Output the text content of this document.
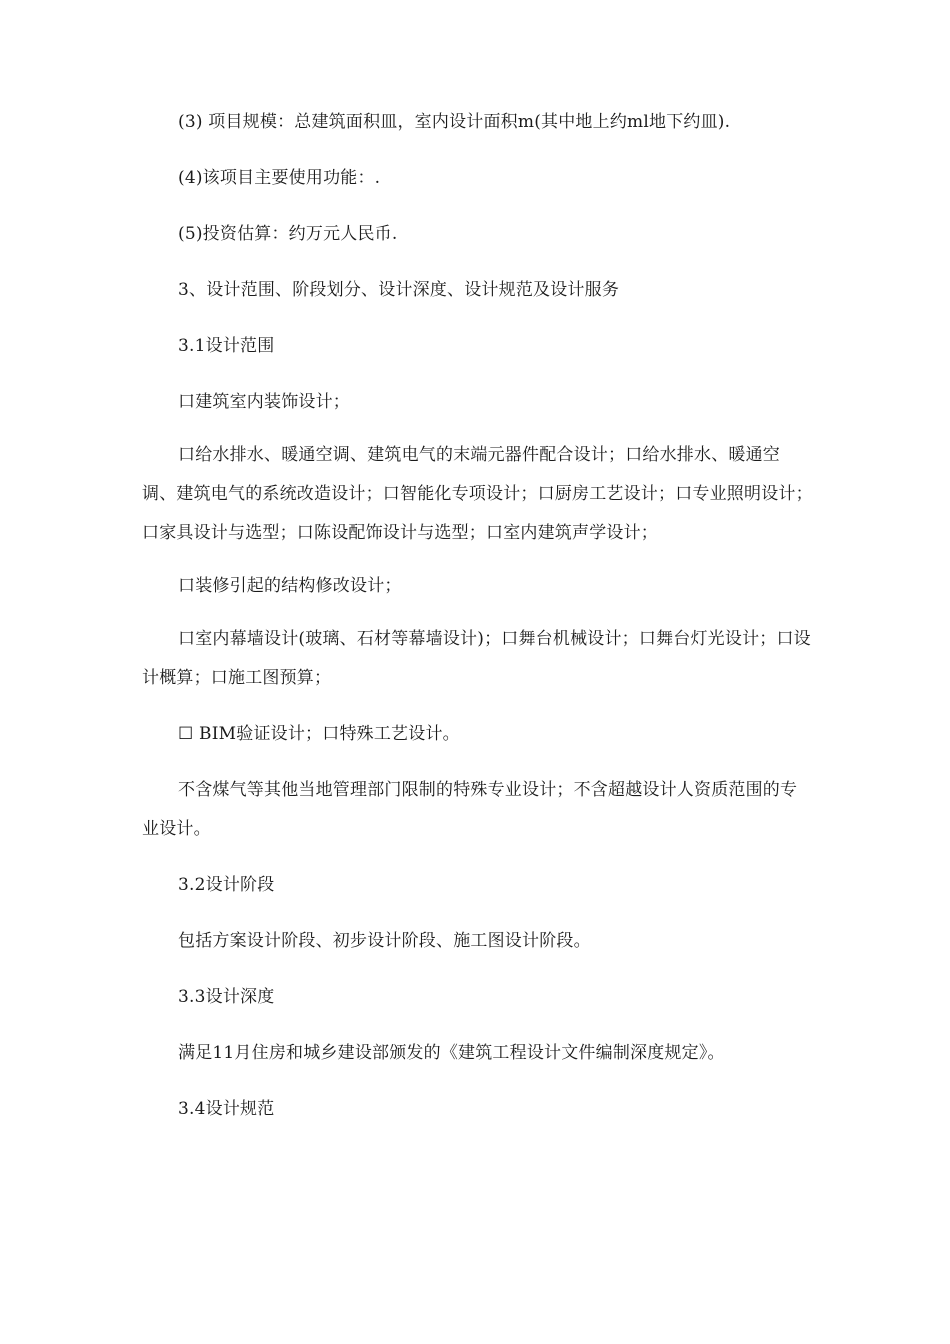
(3) 项目规模：总建筑面积皿，室内设计面积m(其中地上约ml地下约皿).

(4)该项目主要使用功能：.

(5)投资估算：约万元人民币.

3、设计范围、阶段划分、设计深度、设计规范及设计服务

3.1设计范围

口建筑室内装饰设计；

口给水排水、暖通空调、建筑电气的末端元器件配合设计；口给水排水、暖通空调、建筑电气的系统改造设计；口智能化专项设计；口厨房工艺设计；口专业照明设计；口家具设计与选型；口陈设配饰设计与选型；口室内建筑声学设计；

口装修引起的结构修改设计；

口室内幕墙设计(玻璃、石材等幕墙设计)；口舞台机械设计；口舞台灯光设计；口设计概算；口施工图预算；

☐ BIM验证设计；口特殊工艺设计。

不含煤气等其他当地管理部门限制的特殊专业设计；不含超越设计人资质范围的专业设计。

3.2设计阶段

包括方案设计阶段、初步设计阶段、施工图设计阶段。

3.3设计深度

满足11月住房和城乡建设部颁发的《建筑工程设计文件编制深度规定》。

3.4设计规范
